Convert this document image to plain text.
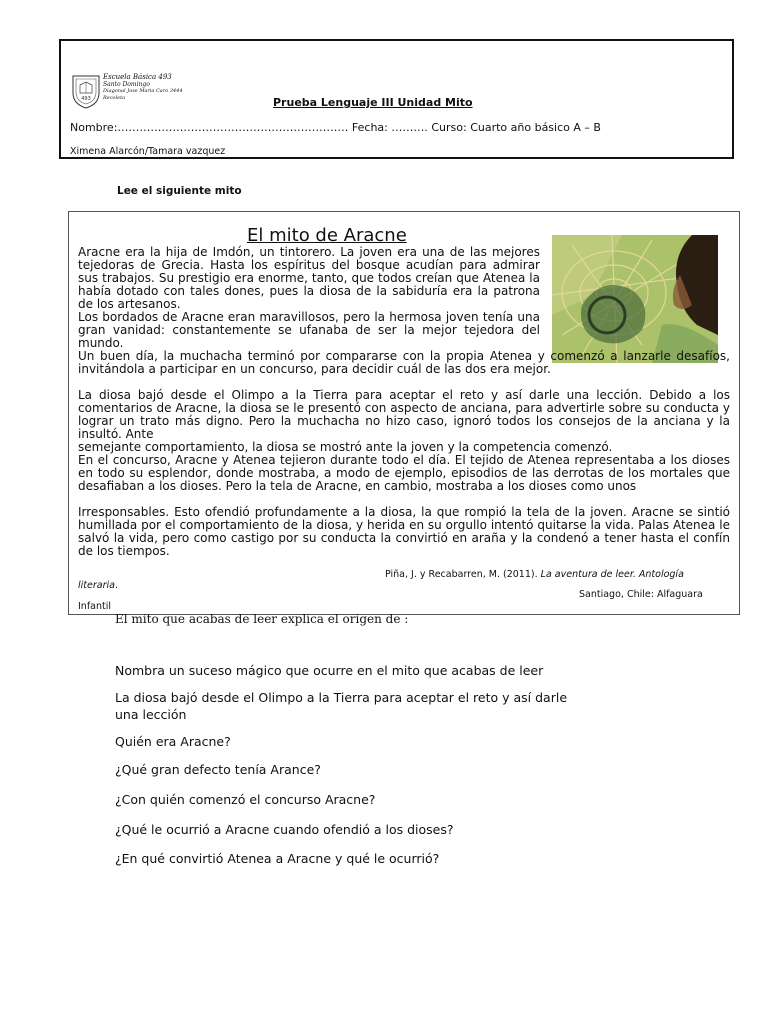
493
Escuela Básica 493
Santo Domingo
Diagonal Jose Maria Caro 3444
Recoleta	Prueba Lenguaje III Unidad Mito
Nombre:……………………………………………………… Fecha: ………. Curso: Cuarto año básico A – B
Ximena Alarcón/Tamara vazquez
Lee el siguiente mito
El mito de Aracne
Aracne era la hija de Imdón, un tintorero. La joven era una de las mejores tejedoras de Grecia. Hasta los espíritus del bosque acudían para admirar sus trabajos. Su prestigio era enorme, tanto, que todos creían que Atenea la había dotado con tales dones, pues la diosa de la sabiduría era la patrona de los artesanos.
Los bordados de Aracne eran maravillosos, pero la hermosa joven tenía una gran vanidad: constantemente se ufanaba de ser la mejor tejedora del mundo.
Un buen día, la muchacha terminó por compararse con la propia Atenea y comenzó a lanzarle desafíos, invitándola a participar en un concurso, para decidir cuál de las dos era mejor.
La diosa bajó desde el Olimpo a la Tierra para aceptar el reto y así darle una lección. Debido a los comentarios de Aracne, la diosa se le presentó con aspecto de anciana, para advertirle sobre su conducta y lograr un trato más digno. Pero la muchacha no hizo caso, ignoró todos los consejos de la anciana y la insultó. Ante
semejante comportamiento, la diosa se mostró ante la joven y la competencia comenzó.
En el concurso, Aracne y Atenea tejieron durante todo el día. El tejido de Atenea representaba a los dioses en todo su esplendor, donde mostraba, a modo de ejemplo, episodios de las derrotas de los mortales que desafiaban a los dioses. Pero la tela de Aracne, en cambio, mostraba a los dioses como unos
Irresponsables. Esto ofendió profundamente a la diosa, la que rompió la tela de la joven. Aracne se sintió humillada por el comportamiento de la diosa, y herida en su orgullo intentó quitarse la vida. Palas Atenea le salvó la vida, pero como castigo por su conducta la convirtió en araña y la condenó a tener hasta el confín de los tiempos.
Piña, J. y Recabarren, M. (2011). La aventura de leer. Antología
literaria.
Santiago, Chile: Alfaguara
Infantil
El mito que acabas de leer explica el origen de :
Nombra un suceso mágico que ocurre en el mito que acabas de leer
La diosa bajó desde el Olimpo a la Tierra para aceptar el reto y así darle
una lección
Quién era Aracne?
¿Qué gran defecto tenía Arance?
¿Con quién comenzó el concurso Aracne?
¿Qué le ocurrió a Aracne cuando ofendió a los dioses?
¿En qué convirtió Atenea a Aracne y qué le ocurrió?
